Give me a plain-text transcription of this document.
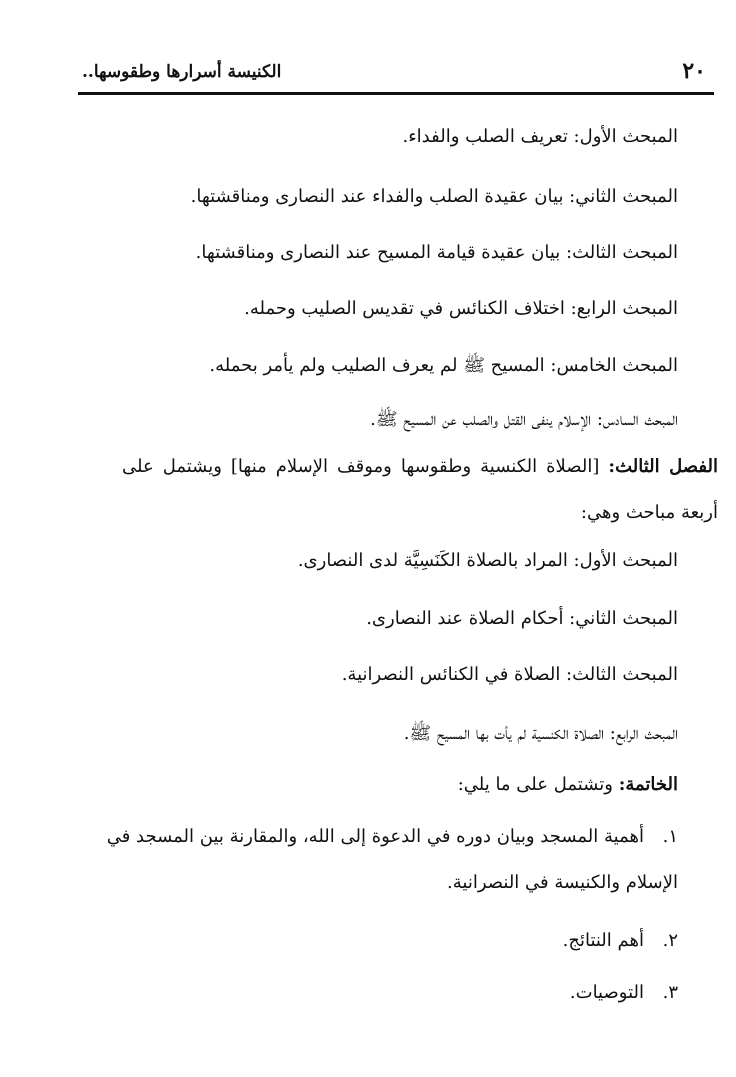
٢٠
الكنيسة أسرارها وطقوسها..
المبحث الأول: تعريف الصلب والفداء.
المبحث الثاني: بيان عقيدة الصلب والفداء عند النصارى ومناقشتها.
المبحث الثالث: بيان عقيدة قيامة المسيح عند النصارى ومناقشتها.
المبحث الرابع: اختلاف الكنائس في تقديس الصليب وحمله.
المبحث الخامس: المسيح ﷺ لم يعرف الصليب ولم يأمر بحمله.
المبحث السادس: الإسلام ينفى القتل والصلب عن المسيح ﷺ.
الفصل الثالث: [الصلاة الكنسية وطقوسها وموقف الإسلام منها] ويشتمل على أربعة مباحث وهي:
المبحث الأول: المراد بالصلاة الكَنَسِيَّة لدى النصارى.
المبحث الثاني: أحكام الصلاة عند النصارى.
المبحث الثالث: الصلاة في الكنائس النصرانية.
المبحث الرابع: الصلاة الكنسية لم يأت بها المسيح ﷺ.
الخاتمة: وتشتمل على ما يلي:
١.أهمية المسجد وبيان دوره في الدعوة إلى الله، والمقارنة بين المسجد في الإسلام والكنيسة في النصرانية.
٢.أهم النتائج.
٣.التوصيات.
